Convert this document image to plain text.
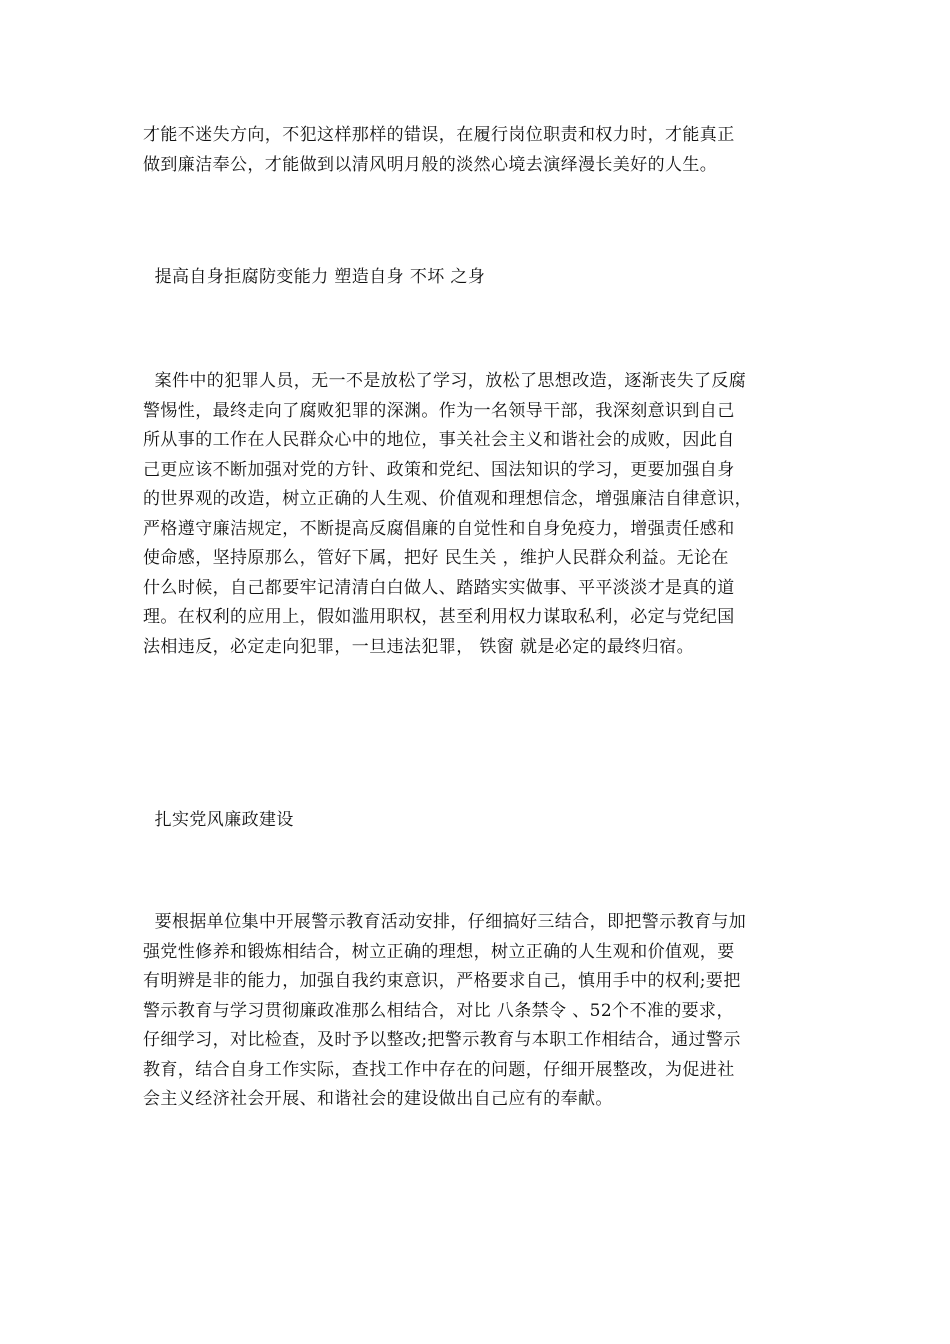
才能不迷失方向，不犯这样那样的错误，在履行岗位职责和权力时，才能真正
做到廉洁奉公，才能做到以清风明月般的淡然心境去演绎漫长美好的人生。
提高自身拒腐防变能力 塑造自身 不坏 之身
案件中的犯罪人员，无一不是放松了学习，放松了思想改造，逐渐丧失了反腐
警惕性，最终走向了腐败犯罪的深渊。作为一名领导干部，我深刻意识到自己
所从事的工作在人民群众心中的地位，事关社会主义和谐社会的成败，因此自
己更应该不断加强对党的方针、政策和党纪、国法知识的学习，更要加强自身
的世界观的改造，树立正确的人生观、价值观和理想信念，增强廉洁自律意识，
严格遵守廉洁规定，不断提高反腐倡廉的自觉性和自身免疫力，增强责任感和
使命感，坚持原那么，管好下属，把好 民生关 ，维护人民群众利益。无论在
什么时候，自己都要牢记清清白白做人、踏踏实实做事、平平淡淡才是真的道
理。在权利的应用上，假如滥用职权，甚至利用权力谋取私利，必定与党纪国
法相违反，必定走向犯罪，一旦违法犯罪， 铁窗 就是必定的最终归宿。
扎实党风廉政建设
要根据单位集中开展警示教育活动安排，仔细搞好三结合，即把警示教育与加
强党性修养和锻炼相结合，树立正确的理想，树立正确的人生观和价值观，要
有明辨是非的能力，加强自我约束意识，严格要求自己，慎用手中的权利;要把
警示教育与学习贯彻廉政准那么相结合，对比 八条禁令 、52个不准的要求，
仔细学习，对比检查，及时予以整改;把警示教育与本职工作相结合，通过警示
教育，结合自身工作实际，查找工作中存在的问题，仔细开展整改，为促进社
会主义经济社会开展、和谐社会的建设做出自己应有的奉献。
